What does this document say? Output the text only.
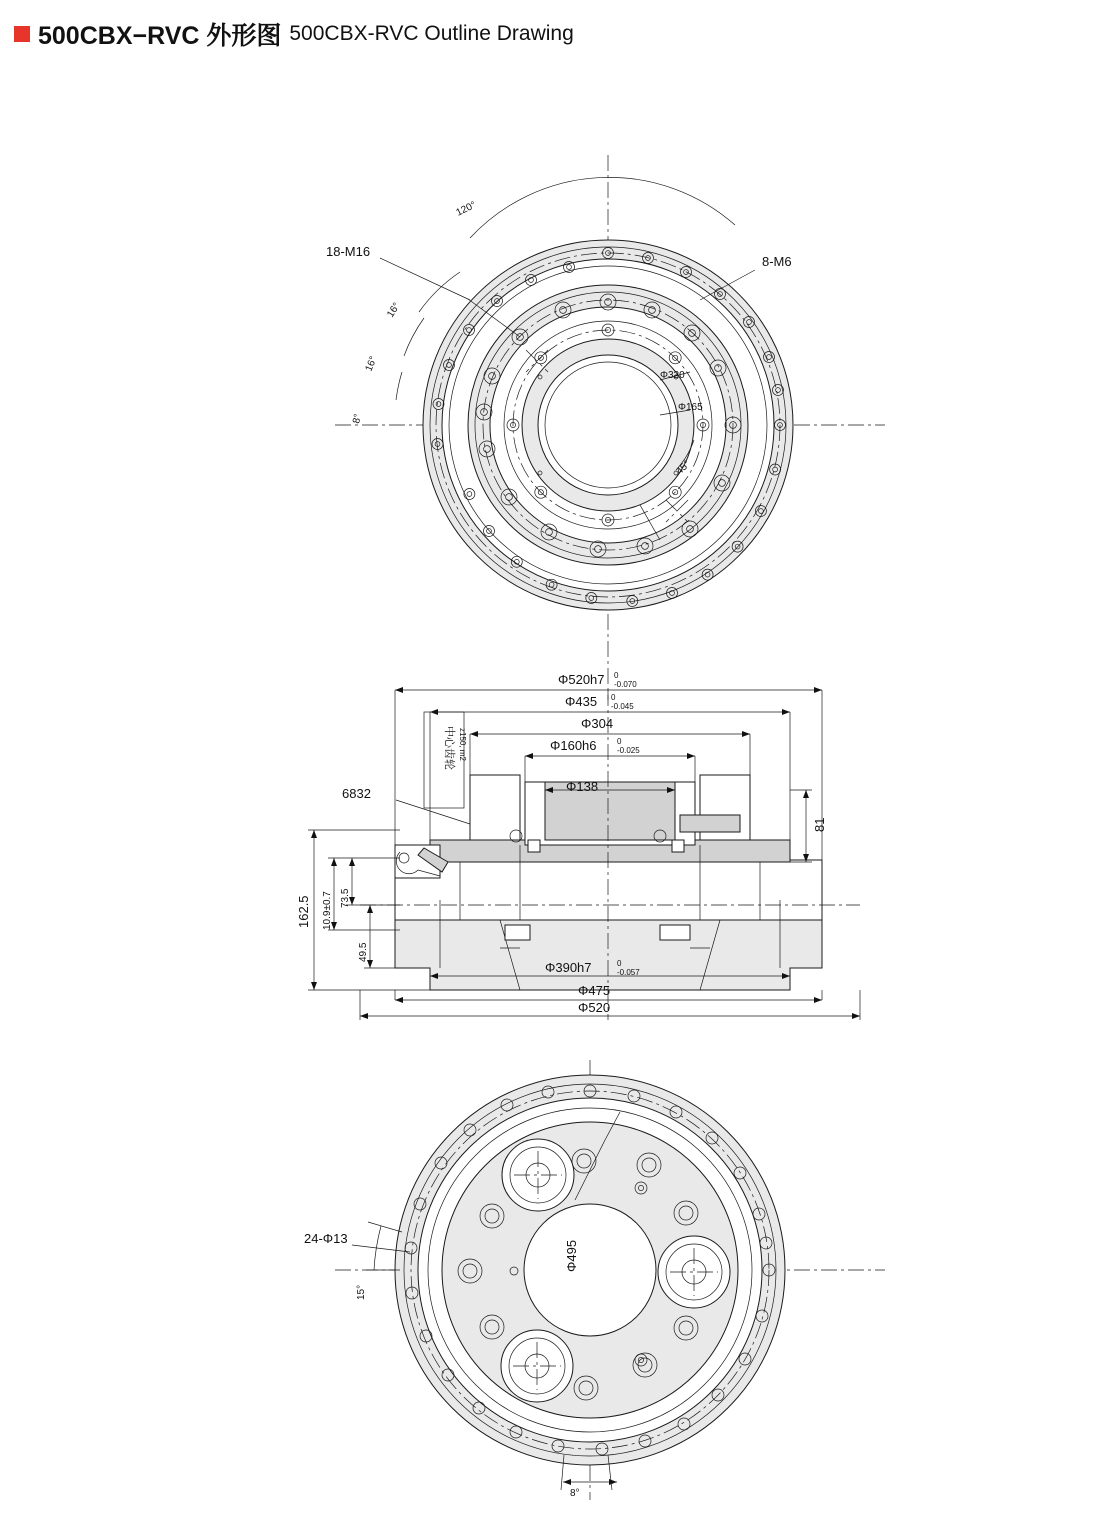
500CBX−RVC 外形图 500CBX-RVC Outline Drawing
18-M16
8-M6
120°
16°
16°
8°
45°
Φ320
Φ165
Φ520h7 0
-0.070
Φ435 0
-0.045
Φ304
Φ160h6	0
-0.025
Φ138
中心齿轮 z150, m2
6832
81
162.5 10.9±0.7 73.5
49.5
Φ390h7	0
-0.057
Φ475
Φ520
Φ495
24-Φ13
15°
8°
